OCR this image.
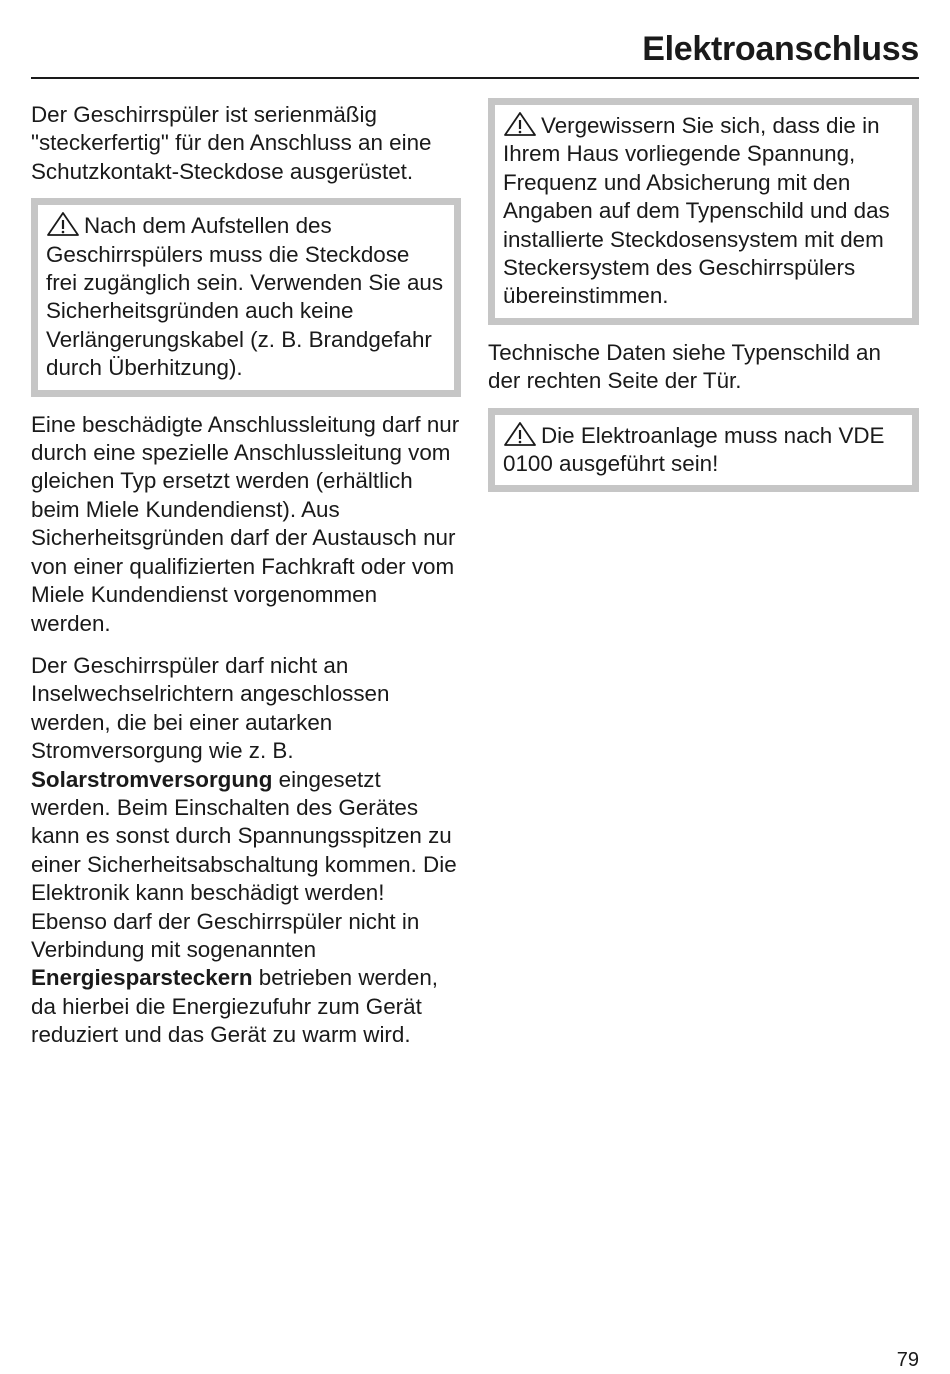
Elektroanschluss

Der Geschirrspüler ist serienmäßig "steckerfertig" für den Anschluss an eine Schutzkontakt-Steckdose ausgerüstet.

Nach dem Aufstellen des Geschirrspülers muss die Steckdose frei zugänglich sein. Verwenden Sie aus Sicherheitsgründen auch keine Verlängerungskabel (z. B. Brandgefahr durch Überhitzung).

Eine beschädigte Anschlussleitung darf nur durch eine spezielle Anschlussleitung vom gleichen Typ ersetzt werden (erhältlich beim Miele Kundendienst). Aus Sicherheitsgründen darf der Austausch nur von einer qualifizierten Fachkraft oder vom Miele Kundendienst vorgenommen werden.

Der Geschirrspüler darf nicht an Inselwechselrichtern angeschlossen werden, die bei einer autarken Stromversorgung wie z. B. Solarstromversorgung eingesetzt werden. Beim Einschalten des Gerätes kann es sonst durch Spannungsspitzen zu einer Sicherheitsabschaltung kommen. Die Elektronik kann beschädigt werden!
Ebenso darf der Geschirrspüler nicht in Verbindung mit sogenannten Energiesparsteckern betrieben werden, da hierbei die Energiezufuhr zum Gerät reduziert und das Gerät zu warm wird.

Vergewissern Sie sich, dass die in Ihrem Haus vorliegende Spannung, Frequenz und Absicherung mit den Angaben auf dem Typenschild und das installierte Steckdosensystem mit dem Steckersystem des Geschirrspülers übereinstimmen.

Technische Daten siehe Typenschild an der rechten Seite der Tür.

Die Elektroanlage muss nach VDE 0100 ausgeführt sein!
79
